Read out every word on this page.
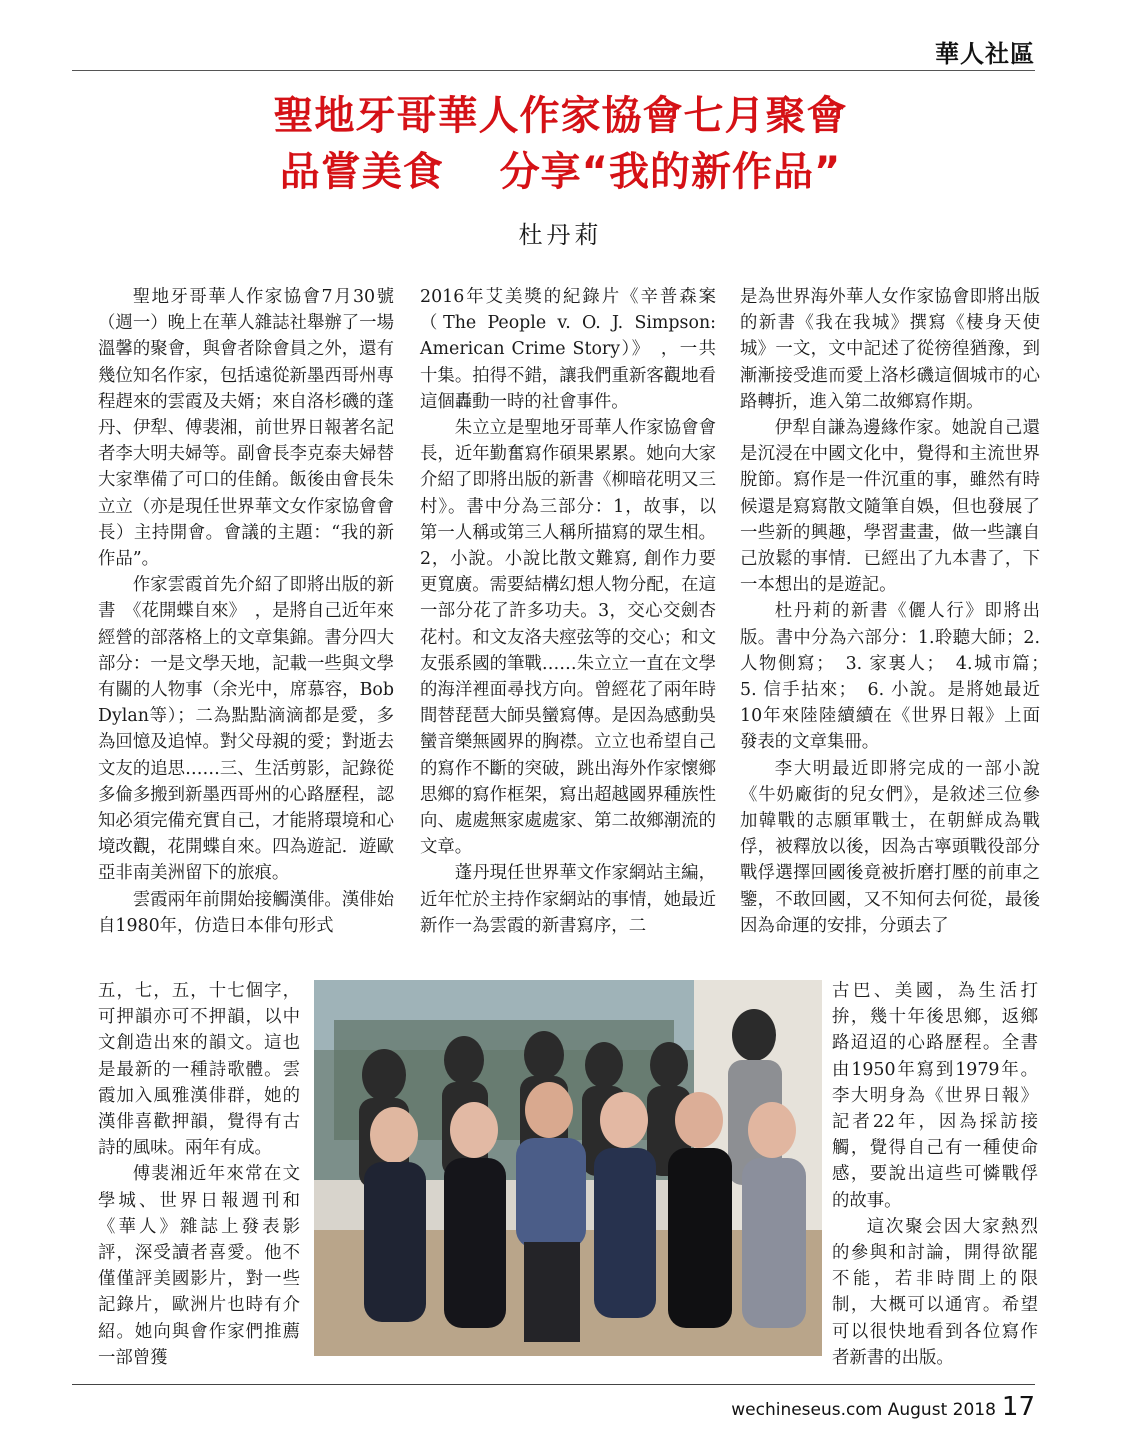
華人社區
聖地牙哥華人作家協會七月聚會
品嘗美食　 分享“我的新作品”
杜丹莉

聖地牙哥華人作家協會7月30號（週一）晚上在華人雜誌社舉辦了一場溫馨的聚會，與會者除會員之外，還有幾位知名作家，包括遠從新墨西哥州專程趕來的雲霞及夫婿；來自洛杉磯的蓬丹、伊犁、傅裴湘，前世界日報著名記者李大明夫婦等。副會長李克泰夫婦替大家準備了可口的佳餚。飯後由會長朱立立（亦是現任世界華文女作家協會會長）主持開會。會議的主題：“我的新作品”。

作家雲霞首先介紹了即將出版的新書　《花開蝶自來》　，是將自己近年來經營的部落格上的文章集錦。書分四大部分：一是文學天地，記載一些與文學有關的人物事（余光中，席慕容，Bob Dylan等）；二為點點滴滴都是愛，多為回憶及追悼。對父母親的愛；對逝去文友的追思……三、生活剪影，記錄從多倫多搬到新墨西哥州的心路歷程，認知必須完備充實自己，才能將環境和心境改觀，花開蝶自來。四為遊記．遊歐亞非南美洲留下的旅痕。

雲霞兩年前開始接觸漢俳。漢俳始自1980年，仿造日本俳句形式

五，七，五，十七個字，可押韻亦可不押韻，以中文創造出來的韻文。這也是最新的一種詩歌體。雲霞加入風雅漢俳群，她的漢俳喜歡押韻，覺得有古詩的風味。兩年有成。

傅裴湘近年來常在文學城、世界日報週刊和《華人》雜誌上發表影評，深受讀者喜愛。他不僅僅評美國影片，對一些記錄片，歐洲片也時有介紹。她向與會作家們推薦一部曾獲

2016年艾美獎的紀錄片《辛普森案（The People v. O. J. Simpson: American Crime Story）》　，一共十集。拍得不錯，讓我們重新客觀地看這個轟動一時的社會事件。

朱立立是聖地牙哥華人作家協會會長，近年勤奮寫作碩果累累。她向大家介紹了即將出版的新書《柳暗花明又三村》。書中分為三部分：1，故事，以第一人稱或第三人稱所描寫的眾生相。2，小說。小說比散文難寫, 創作力要更寬廣。需要結構幻想人物分配，在這一部分花了許多功夫。3，交心交劍杏花村。和文友洛夫痙弦等的交心；和文友張系國的筆戰……朱立立一直在文學的海洋裡面尋找方向。曾經花了兩年時間替琵琶大師吳蠻寫傳。是因為感動吳蠻音樂無國界的胸襟。立立也希望自己的寫作不斷的突破，跳出海外作家懷鄉思鄉的寫作框架，寫出超越國界種族性向、處處無家處處家、第二故鄉潮流的文章。

蓬丹現任世界華文作家網站主編，近年忙於主持作家網站的事情，她最近新作一為雲霞的新書寫序，二

是為世界海外華人女作家協會即將出版的新書《我在我城》撰寫《棲身天使城》一文，文中記述了從徬徨猶豫，到漸漸接受進而愛上洛杉磯這個城市的心路轉折，進入第二故鄉寫作期。

伊犁自謙為邊緣作家。她說自己還是沉浸在中國文化中，覺得和主流世界脫節。寫作是一件沉重的事，雖然有時候還是寫寫散文隨筆自娛，但也發展了一些新的興趣，學習畫畫，做一些讓自己放鬆的事情．已經出了九本書了，下一本想出的是遊記。

杜丹莉的新書《儷人行》即將出版。書中分為六部分：1.聆聽大師；2. 人物側寫；　3. 家裏人；　4.城市篇；　5. 信手拈來；　6. 小說。是將她最近10年來陸陸續續在《世界日報》上面發表的文章集冊。

李大明最近即將完成的一部小說《牛奶廠街的兒女們》，是敘述三位參加韓戰的志願軍戰士，在朝鮮成為戰俘，被釋放以後，因為古寧頭戰役部分戰俘選擇回國後竟被折磨打壓的前車之鑒，不敢回國，又不知何去何從，最後因為命運的安排，分頭去了

古巴、美國，為生活打拚，幾十年後思鄉，返鄉路迢迢的心路歷程。全書由1950年寫到1979年。李大明身為《世界日報》記者22年，因為採訪接觸，覺得自己有一種使命感，要說出這些可憐戰俘的故事。

這次聚会因大家熱烈的參與和討論，開得欲罷不能，若非時間上的限制，大概可以通宵。希望可以很快地看到各位寫作者新書的出版。

wechineseus.com August 2018 17
